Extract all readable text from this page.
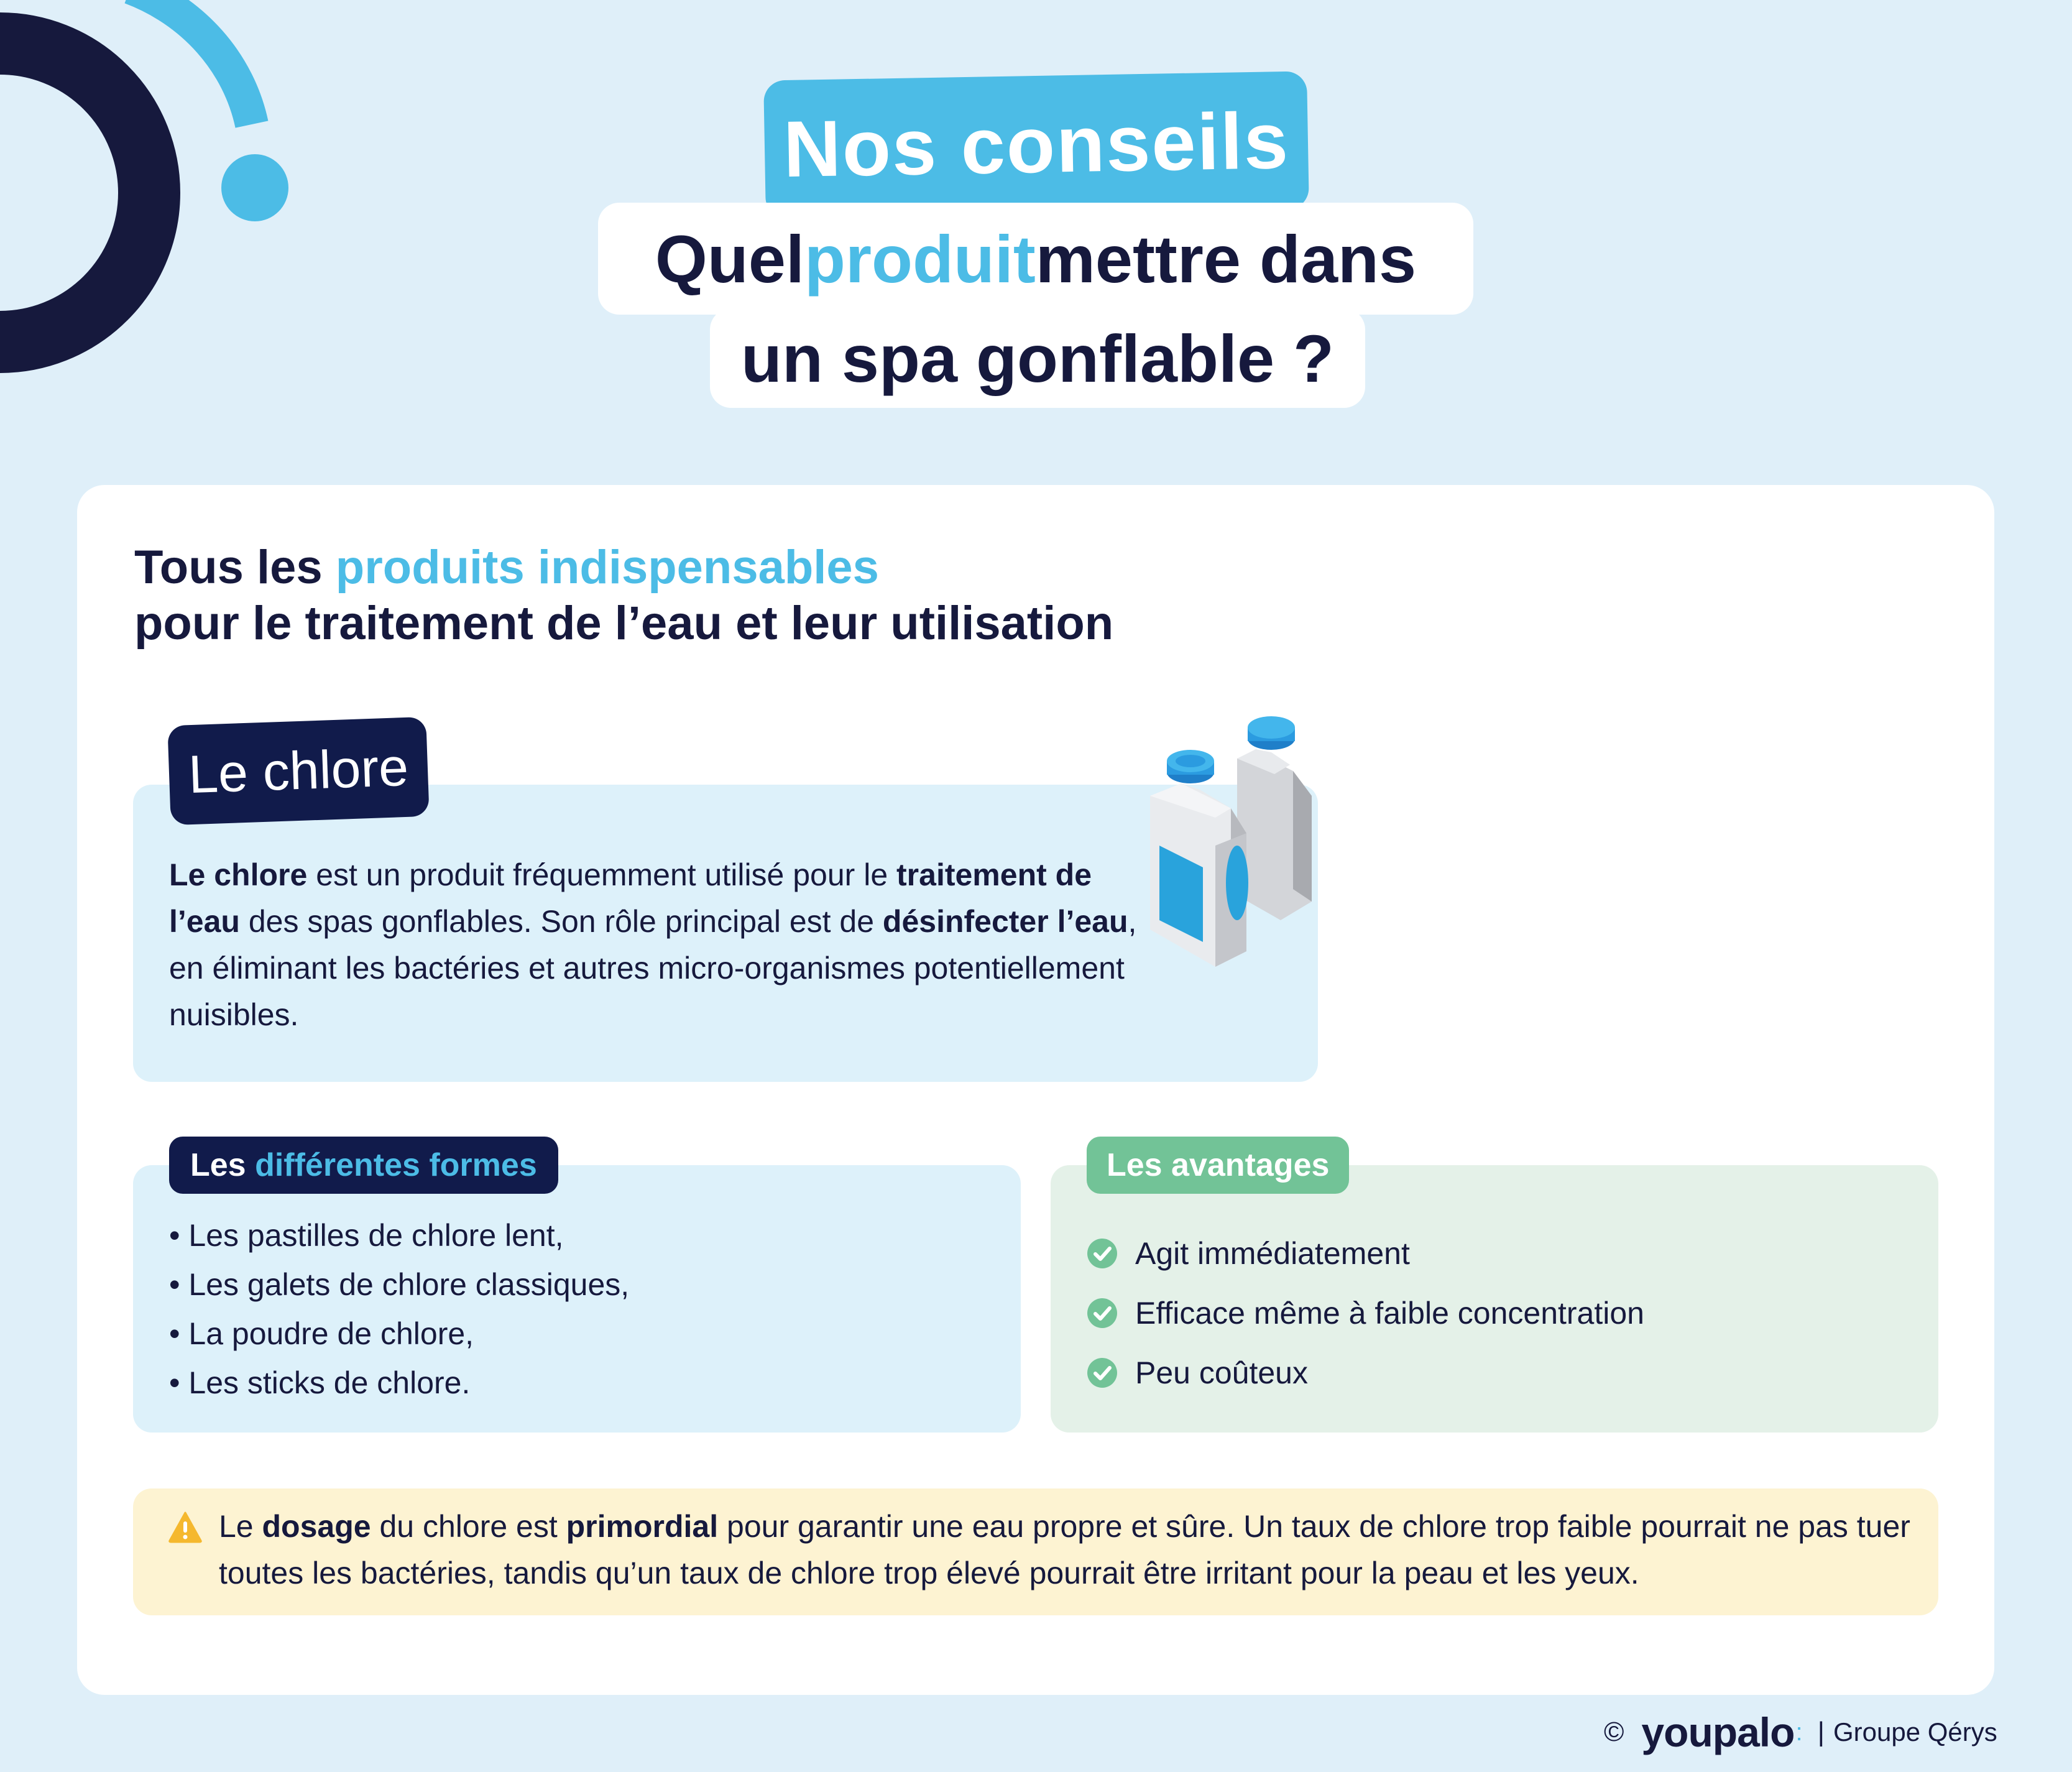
Nos conseils
Quel produit mettre dans
un spa gonflable ?
Tous les produits indispensables
pour le traitement de l’eau et leur utilisation
Le chlore
Le chlore est un produit fréquemment utilisé pour le traitement de l’eau des spas gonflables. Son rôle principal est de désinfecter l’eau, en éliminant les bactéries et autres micro-organismes potentiellement nuisibles.
Les
différentes formes
• Les pastilles de chlore lent,
• Les galets de chlore classiques,
• La poudre de chlore,
• Les sticks de chlore.
Les avantages
Agit immédiatement
Efficace même à faible concentration
Peu coûteux
Le dosage du chlore est primordial pour garantir une eau propre et sûre. Un taux de chlore trop faible pourrait ne pas tuer toutes les bactéries, tandis qu’un taux de chlore trop élevé pourrait être irritant pour la peau et les yeux.
© youpalo : | Groupe Qérys
